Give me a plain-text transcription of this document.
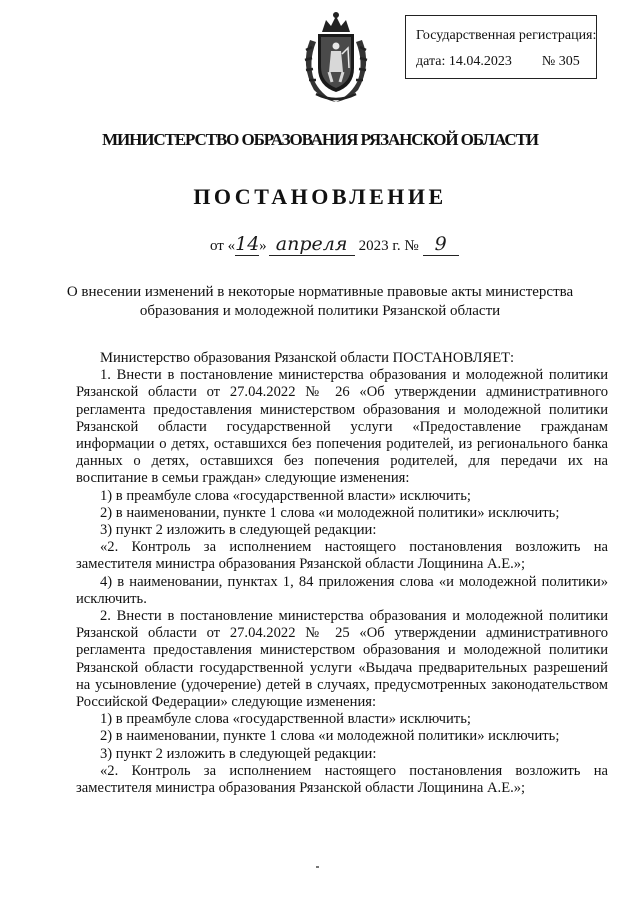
Государственная регистрация:
дата: 14.04.2023 № 305
МИНИСТЕРСТВО ОБРАЗОВАНИЯ РЯЗАНСКОЙ ОБЛАСТИ
ПОСТАНОВЛЕНИЕ
от « 14 » апреля 2023 г. № 9
О внесении изменений в некоторые нормативные правовые акты министерства образования и молодежной политики Рязанской области

Министерство образования Рязанской области ПОСТАНОВЛЯЕТ:

1. Внести в постановление министерства образования и молодежной политики Рязанской области от 27.04.2022 № 26 «Об утверждении административного регламента предоставления министерством образования и молодежной политики Рязанской области государственной услуги «Предоставление гражданам информации о детях, оставшихся без попечения родителей, из регионального банка данных о детях, оставшихся без попечения родителей, для передачи их на воспитание в семьи граждан» следующие изменения:

1) в преамбуле слова «государственной власти» исключить;

2) в наименовании, пункте 1 слова «и молодежной политики» исключить;

3) пункт 2 изложить в следующей редакции:

«2. Контроль за исполнением настоящего постановления возложить на заместителя министра образования Рязанской области Лощинина А.Е.»;

4) в наименовании, пунктах 1, 84 приложения слова «и молодежной политики» исключить.

2. Внести в постановление министерства образования и молодежной политики Рязанской области от 27.04.2022 № 25 «Об утверждении административного регламента предоставления министерством образования и молодежной политики Рязанской области государственной услуги «Выдача предварительных разрешений на усыновление (удочерение) детей в случаях, предусмотренных законодательством Российской Федерации» следующие изменения:

1) в преамбуле слова «государственной власти» исключить;

2) в наименовании, пункте 1 слова «и молодежной политики» исключить;

3) пункт 2 изложить в следующей редакции:

«2. Контроль за исполнением настоящего постановления возложить на заместителя министра образования Рязанской области Лощинина А.Е.»;
